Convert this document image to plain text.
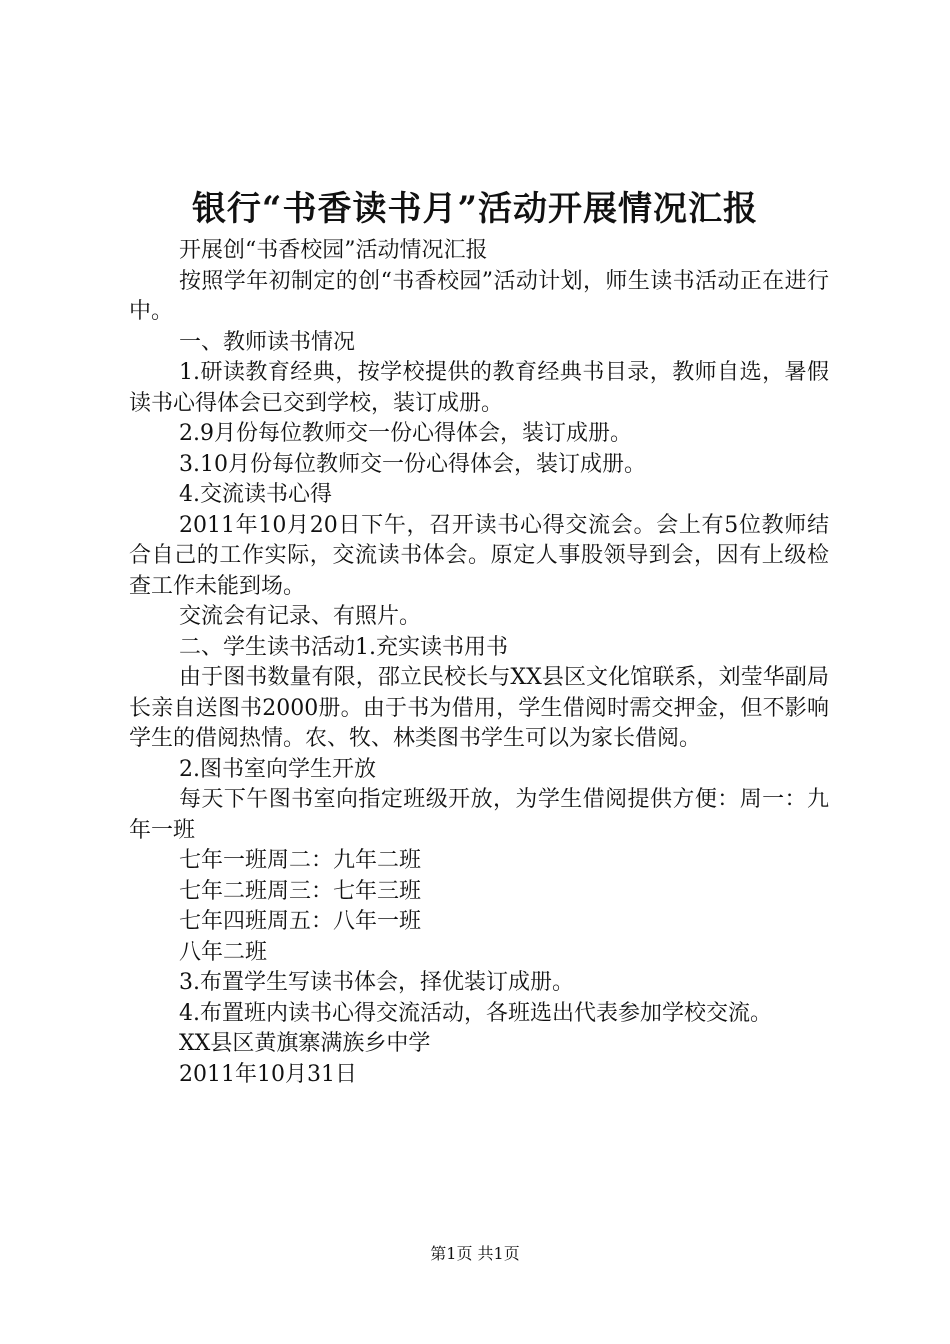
银行“书香读书月”活动开展情况汇报

开展创“书香校园”活动情况汇报

按照学年初制定的创“书香校园”活动计划，师生读书活动正在进行中。

一、教师读书情况

1.研读教育经典，按学校提供的教育经典书目录，教师自选，暑假读书心得体会已交到学校，装订成册。

2.9月份每位教师交一份心得体会，装订成册。

3.10月份每位教师交一份心得体会，装订成册。

4.交流读书心得

2011年10月20日下午，召开读书心得交流会。会上有5位教师结合自己的工作实际，交流读书体会。原定人事股领导到会，因有上级检查工作未能到场。

交流会有记录、有照片。

二、学生读书活动1.充实读书用书

由于图书数量有限，邵立民校长与XX县区文化馆联系，刘莹华副局长亲自送图书2000册。由于书为借用，学生借阅时需交押金，但不影响学生的借阅热情。农、牧、林类图书学生可以为家长借阅。

2.图书室向学生开放

每天下午图书室向指定班级开放，为学生借阅提供方便：周一：九年一班

七年一班周二：九年二班

七年二班周三：七年三班

七年四班周五：八年一班

八年二班

3.布置学生写读书体会，择优装订成册。

4.布置班内读书心得交流活动，各班选出代表参加学校交流。

XX县区黄旗寨满族乡中学

2011年10月31日

第1页 共1页
